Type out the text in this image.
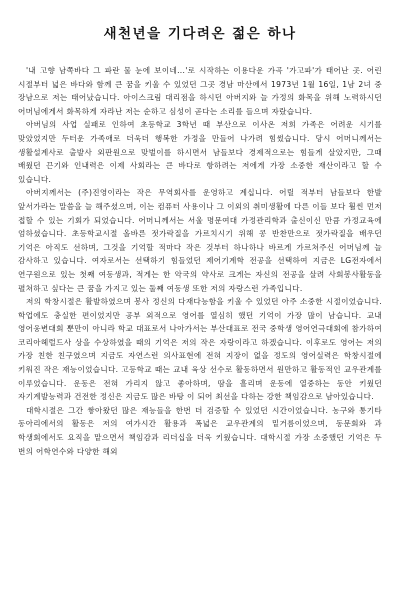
새천년을 기다려온 젊은 하나

'내 고향 남쪽바다 그 파란 물 눈에 보이네...'로 시작하는 이용다운 가곡 '가고파'가 태어난 곳. 어린 시절부터 넓은 바다와 함께 큰 꿈을 키울 수 있었던 그곳 경남 마산에서 1973년 1월 16일, 1남 2녀 중 장남으로 저는 태어났습니다. 아이스크림 대리점을 하시던 아버지와 늘 가정의 화목을 위해 노력하시던 어머님에게서 화목하게 자라난 저는 순하고 심성이 곧다는 소리를 들으며 자랐습니다.

아버님의 사업 실패로 인하여 초등학교 3학년 때 부산으로 이사온 저희 가족은 어려운 시기를 맞았었지만 두터운 가족애로 더욱더 행복한 가정을 만들어 나가려 힘썼습니다. 당시 어머니께서는 생활설계사로 출발사 외판원으로 맞벌이를 하시면서 남들보다 경제적으로는 힘들게 살았지만, 그때 배웠던 끈기와 인내력은 이제 사회라는 큰 바다로 항하려는 저에게 가장 소중한 재산이라고 할 수 있습니다.

아버지께서는 (주)진영이라는 작은 무역회사를 운영하고 계십니다. 어릴 적부터 남들보다 한발 앞서가라는 말씀을 늘 해주셨으며, 이는 컴퓨터 사용이나 그 이외의 취미생활에 다른 이들 보다 훨씬 먼저 접할 수 있는 기회가 되었습니다. 어머니께서는 서울 명문여대 가정관리학과 출신이신 만큼 가정교육에 엄하셨습니다. 초등학교시절 올바른 젓가락질을 가르치시기 위해 콩 반찬만으로 젓가락질을 배우던 기억은 아직도 선하며, 그것을 기억할 적마다 작은 것부터 하나하나 바르게 가르쳐주신 어머님께 늘 감사하고 있습니다. 여자로서는 선택하기 힘들었던 제어기계학 전공을 선택하여 지금은 LG전자에서 연구원으로 있는 첫째 여동생과, 적게는 한 악국의 약사로 크게는 자신의 전공을 살려 사회봉사활동을 펼쳐하고 싶다는 큰 꿈을 가지고 있는 둘째 여동생 또한 저의 자랑스런 가족입니다.

저의 학창시절은 활발하였으며 봉사 정신의 다재다능함을 키울 수 있었던 아주 소중한 시절이었습니다. 학업에도 충실한 편이었지만 공부 외적으로 영어를 열심히 했던 기억이 가장 많이 남습니다. 교내 영어웅변대회 뿐만이 아니라 학교 대표로서 나아가서는 부산대표로 전국 중학생 영어연극대회에 참가하여 코리아헤럴드사 상을 수상하였을 때의 기억은 저의 작은 자랑이라고 하겠습니다. 이후로도 영어는 저의 가장 친한 친구였으며 지금도 자연스런 의사표현에 전혀 지장이 없을 정도의 영어실력은 학창시절에 키워진 작은 재능이었습니다. 고등학교 때는 교내 육상 선수로 활동하면서 원만하고 활동적인 교우관계를 이루었습니다. 운동은 전혀 가리지 않고 좋아하며, 땀을 흘리며 운동에 열중하는 동안 키웠던 자기계발능력과 건전한 정신은 지금도 많은 바탕 이 되어 최선을 다하는 강한 책임감으로 남아있습니다.

대학시절은 그간 쌓아왔던 많은 재능들을 한번 더 검증할 수 있었던 시간이었습니다. 농구와 통기타 동아리에서의 활동은 저의 여가시간 활용과 폭넓은 교우관계의 밑거름이었으며, 동문회와 과 학생회에서도 요직을 맡으면서 책임감과 리더십을 더욱 키웠습니다. 대학시절 가장 소중했던 기억은 두 번의 어학연수와 다양한 해외
